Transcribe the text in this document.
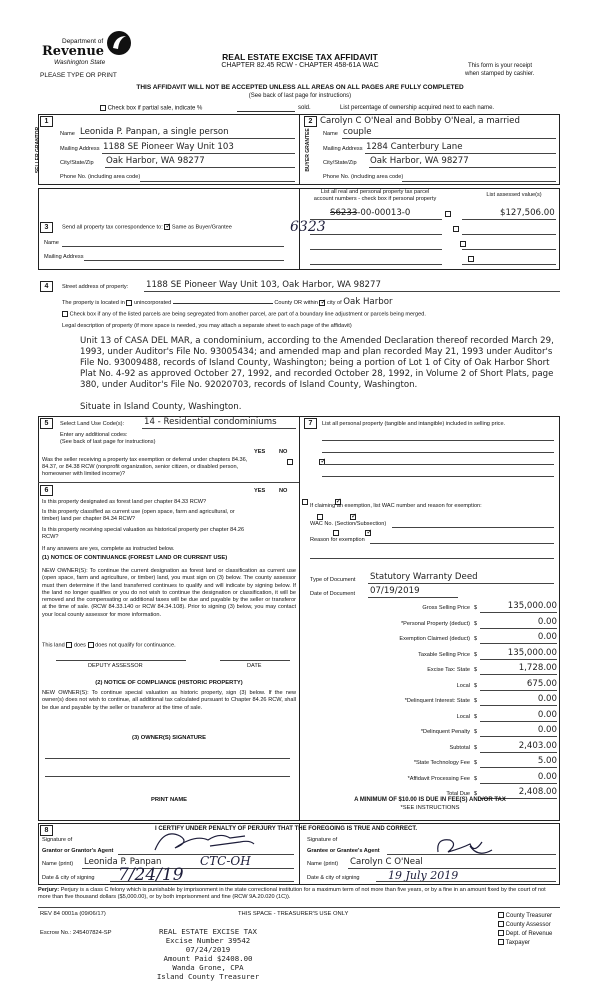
Department of
Revenue
Washington State
PLEASE TYPE OR PRINT
REAL ESTATE EXCISE TAX AFFIDAVIT
CHAPTER 82.45 RCW - CHAPTER 458-61A WAC	This form is your receipt
when stamped by cashier.
THIS AFFIDAVIT WILL NOT BE ACCEPTED UNLESS ALL AREAS ON ALL PAGES ARE FULLY COMPLETED
(See back of last page for instructions)
Check box if partial sale, indicate %	sold.	List percentage of ownership acquired next to each name.
1	2
SELLER GRANTOR	Name Leonida P. Panpan, a single person
Mailing Address 1188 SE Pioneer Way Unit 103
City/State/Zip Oak Harbor, WA 98277
Phone No. (including area code)
BUYER GRANTEE
Carolyn C O'Neal and Bobby O'Neal, a married
Name couple
Mailing Address 1284 Canterbury Lane
City/State/Zip Oak Harbor, WA 98277
Phone No. (including area code)
3	Send all property tax correspondence to: ✓ Same as Buyer/Grantee
Name
Mailing Address
List all real and personal property tax parcel
account numbers - check box if personal property
List assessed value(s)
S6233-00-00013-0
6323
$127,506.00

4	Street address of property: 1188 SE Pioneer Way Unit 103, Oak Harbor, WA 98277
The property is located in unincorporated	County OR within ✓ city of Oak Harbor
Check box if any of the listed parcels are being segregated from another parcel, are part of a boundary line adjustment or parcels being merged.
Legal description of property (if more space is needed, you may attach a separate sheet to each page of the affidavit)
Unit 13 of CASA DEL MAR, a condominium, according to the Amended Declaration thereof recorded March 29,
1993, under Auditor's File No. 93005434; and amended map and plan recorded May 21, 1993 under Auditor's
File No. 93009488, records of Island County, Washington; being a portion of Lot 1 of City of Oak Harbor Short
Plat No. 4-92 as approved October 27, 1992, and recorded October 28, 1992, in Volume 2 of Short Plats, page
380, under Auditor's File No. 92020703, records of Island County, Washington.
Situate in Island County, Washington.
5	Select Land Use Code(s): 14 - Residential condominiums
Enter any additional codes:
(See back of last page for instructions)
YES NO
Was the seller receiving a property tax exemption or deferral under chapters 84.36, 84.37, or 84.38 RCW (nonprofit organization, senior citizen, or disabled person, homeowner with limited income)?
✓
6	YES NO
Is this property designated as forest land per chapter 84.33 RCW?
✓
Is this property classified as current use (open space, farm and agricultural, or timber) land per chapter 84.34 RCW?
✓
Is this property receiving special valuation as historical property per chapter 84.26 RCW?
✓
If any answers are yes, complete as instructed below.
(1) NOTICE OF CONTINUANCE (FOREST LAND OR CURRENT USE)
NEW OWNER(S): To continue the current designation as forest land or classification as current use (open space, farm and agriculture, or timber) land, you must sign on (3) below. The county assessor must then determine if the land transferred continues to qualify and will indicate by signing below. If the land no longer qualifies or you do not wish to continue the designation or classification, it will be removed and the compensating or additional taxes will be due and payable by the seller or transferor at the time of sale. (RCW 84.33.140 or RCW 84.34.108). Prior to signing (3) below, you may contact your local county assessor for more information.
This land does does not qualify for continuance.
DEPUTY ASSESSOR	DATE
(2) NOTICE OF COMPLIANCE (HISTORIC PROPERTY)
NEW OWNER(S): To continue special valuation as historic property, sign (3) below. If the new owner(s) does not wish to continue, all additional tax calculated pursuant to Chapter 84.26 RCW, shall be due and payable by the seller or transferor at the time of sale.
(3) OWNER(S) SIGNATURE
PRINT NAME
7	List all personal property (tangible and intangible) included in selling price.
If claiming an exemption, list WAC number and reason for exemption:
WAC No. (Section/Subsection)
Reason for exemption
Type of Document Statutory Warranty Deed
Date of Document 07/19/2019
Gross Selling Price $	135,000.00
*Personal Property (deduct) $	0.00
Exemption Claimed (deduct) $	0.00
Taxable Selling Price $	135,000.00
Excise Tax: State $	1,728.00
Local $	675.00
*Delinquent Interest: State $	0.00
Local $	0.00
*Delinquent Penalty $	0.00
Subtotal $	2,403.00
*State Technology Fee $	5.00
*Affidavit Processing Fee $	0.00
Total Due $	2,408.00
A MINIMUM OF $10.00 IS DUE IN FEE(S) AND/OR TAX
*SEE INSTRUCTIONS
8	I CERTIFY UNDER PENALTY OF PERJURY THAT THE FOREGOING IS TRUE AND CORRECT.
Signature of
Grantor or Grantor's Agent
Name (print) Leonida P. Panpan	CTC-OH
Date & city of signing 7/24/19
Signature of
Grantee or Grantee's Agent
Name (print) Carolyn C O'Neal
Date & city of signing	19 July 2019
Perjury: Perjury is a class C felony which is punishable by imprisonment in the state correctional institution for a maximum term of not more than five years, or by a fine in an amount fixed by the court of not more than five thousand dollars ($5,000.00), or by both imprisonment and fine (RCW 9A.20.020 (1C)).
REV 84 0001a (09/06/17)	THIS SPACE - TREASURER'S USE ONLY
Escrow No.: 245407824-SP	REAL ESTATE EXCISE TAX
Excise Number 39542
07/24/2019
Amount Paid $2408.00
Wanda Grone, CPA
Island County Treasurer
County Treasurer
County Assessor
Dept. of Revenue
Taxpayer
